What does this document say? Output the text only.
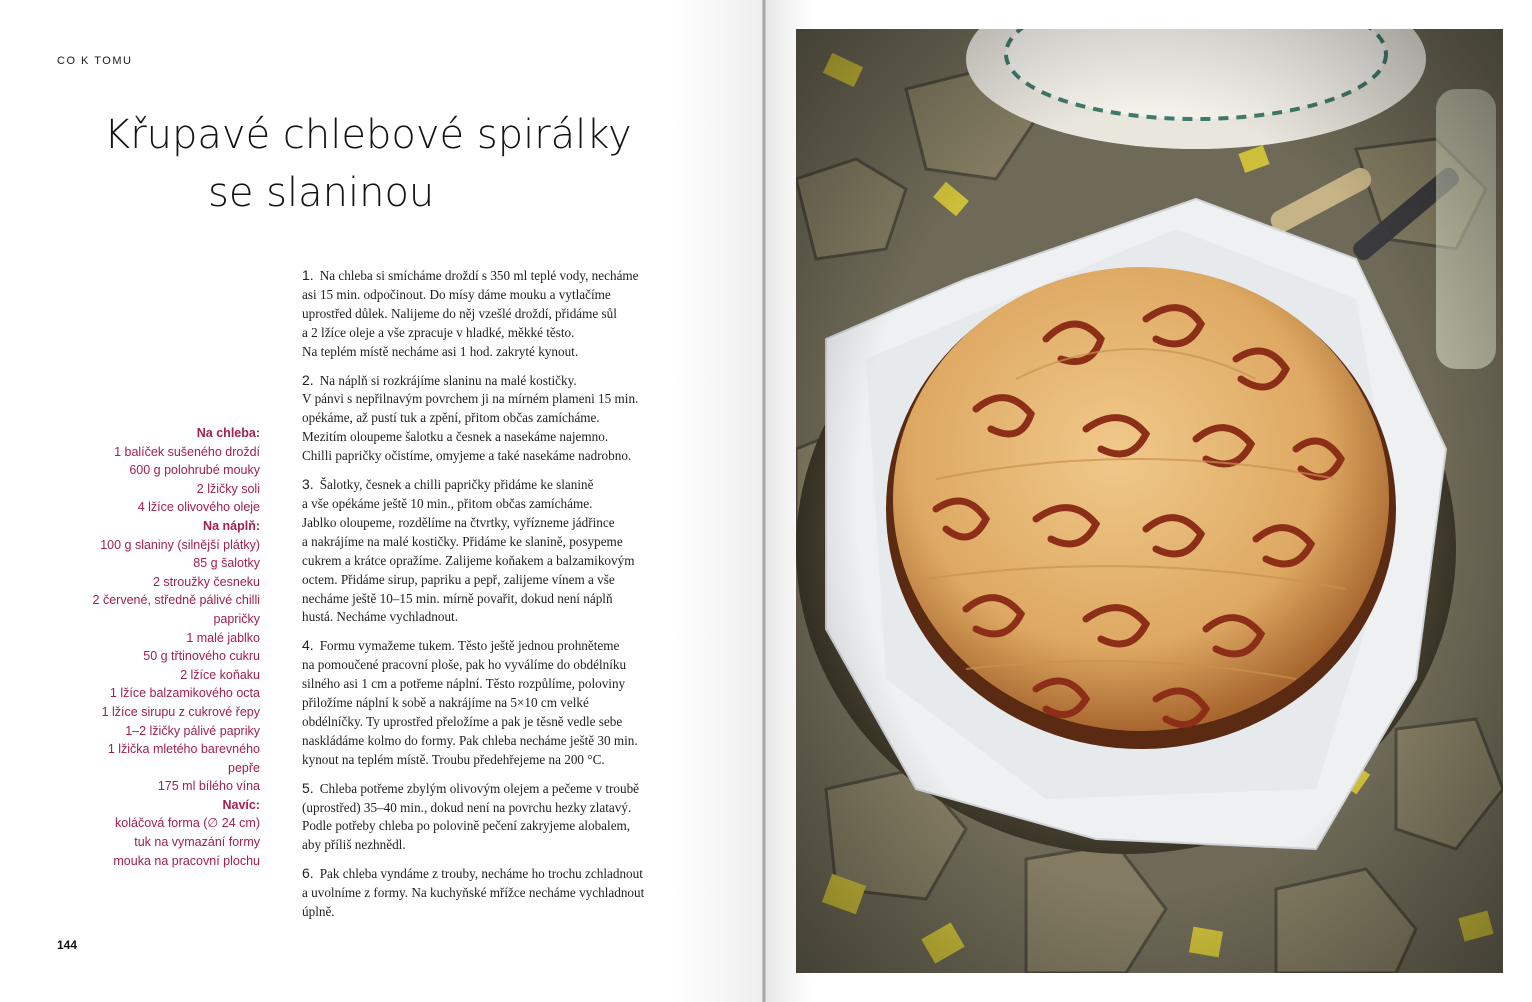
CO K TOMU
Křupavé chlebové spirálky
se slaninou
Na chleba:
1 balíček sušeného droždí
600 g polohrubé mouky
2 lžičky soli
4 lžíce olivového oleje
Na náplň:
100 g slaniny (silnější plátky)
85 g šalotky
2 stroužky česneku
2 červené, středně pálivé chilli
papričky
1 malé jablko
50 g třtinového cukru
2 lžíce koňaku
1 lžíce balzamikového octa
1 lžíce sirupu z cukrové řepy
1–2 lžičky pálivé papriky
1 lžička mletého barevného
pepře
175 ml bílého vína
Navíc:
koláčová forma (∅ 24 cm)
tuk na vymazání formy
mouka na pracovní plochu
1. Na chleba si smícháme droždí s 350 ml teplé vody, necháme
asi 15 min. odpočinout. Do mísy dáme mouku a vytlačíme
uprostřed důlek. Nalijeme do něj vzešlé droždí, přidáme sůl
a 2 lžíce oleje a vše zpracuje v hladké, měkké těsto.
Na teplém místě necháme asi 1 hod. zakryté kynout.
2. Na náplň si rozkrájíme slaninu na malé kostičky.
V pánvi s nepřilnavým povrchem ji na mírném plameni 15 min.
opékáme, až pustí tuk a zpění, přitom občas zamícháme.
Mezitím oloupeme šalotku a česnek a nasekáme najemno.
Chilli papričky očistíme, omyjeme a také nasekáme nadrobno.
3. Šalotky, česnek a chilli papričky přidáme ke slanině
a vše opékáme ještě 10 min., přitom občas zamícháme.
Jablko oloupeme, rozdělíme na čtvrtky, vyřízneme jádřince
a nakrájíme na malé kostičky. Přidáme ke slanině, posypeme
cukrem a krátce opražíme. Zalijeme koňakem a balzamikovým
octem. Přidáme sirup, papriku a pepř, zalijeme vínem a vše
necháme ještě 10–15 min. mírně povařit, dokud není náplň
hustá. Necháme vychladnout.
4. Formu vymažeme tukem. Těsto ještě jednou prohněteme
na pomoučené pracovní ploše, pak ho vyválíme do obdélníku
silného asi 1 cm a potřeme náplní. Těsto rozpůlíme, poloviny
přiložíme náplní k sobě a nakrájíme na 5×10 cm velké
obdélníčky. Ty uprostřed přeložíme a pak je těsně vedle sebe
naskládáme kolmo do formy. Pak chleba necháme ještě 30 min.
kynout na teplém místě. Troubu předehřejeme na 200 °C.
5. Chleba potřeme zbylým olivovým olejem a pečeme v troubě
(uprostřed) 35–40 min., dokud není na povrchu hezky zlatavý.
Podle potřeby chleba po polovině pečení zakryjeme alobalem,
aby příliš nezhnědl.
6. Pak chleba vyndáme z trouby, necháme ho trochu zchladnout
a uvolníme z formy. Na kuchyňské mřížce necháme vychladnout
úplně.
144
